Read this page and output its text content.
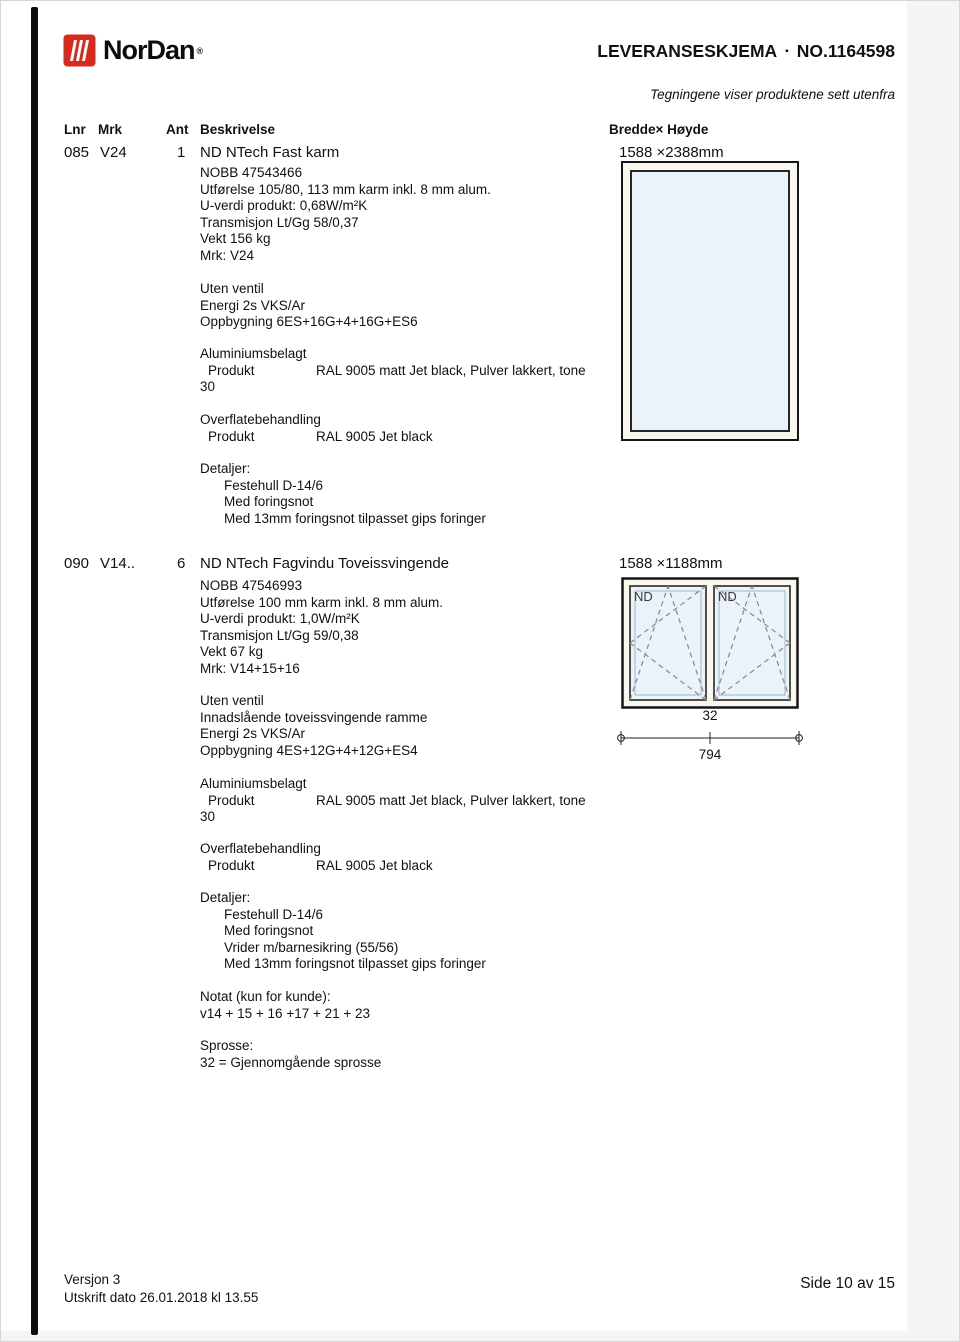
NorDan ®	LEVERANSESKJEMA ▪ NO.1164598
Tegningene viser produktene sett utenfra
Lnr Mrk	Ant Beskrivelse	Bredde× Høyde
085 V24	1 ND NTech Fast karm	1588 ×2388mm
NOBB 47543466
Utførelse 105/80, 113 mm karm inkl. 8 mm alum.
U-verdi produkt: 0,68W/m²K
Transmisjon Lt/Gg 58/0,37
Vekt 156 kg
Mrk: V24
Uten ventil
Energi 2s VKS/Ar
Oppbygning 6ES+16G+4+16G+ES6
Aluminiumsbelagt
Produkt	RAL 9005 matt Jet black, Pulver lakkert, tone
30
Overflatebehandling
Produkt	RAL 9005 Jet black
Detaljer:
Festehull D-14/6
Med foringsnot
Med 13mm foringsnot tilpasset gips foringer
090 V14..	6 ND NTech Fagvindu Toveissvingende	1588 ×1188mm
NOBB 47546993
Utførelse 100 mm karm inkl. 8 mm alum.
U-verdi produkt: 1,0W/m²K
Transmisjon Lt/Gg 59/0,38
Vekt 67 kg
Mrk: V14+15+16
Uten ventil
Innadslående toveissvingende ramme
Energi 2s VKS/Ar
Oppbygning 4ES+12G+4+12G+ES4
Aluminiumsbelagt
Produkt	RAL 9005 matt Jet black, Pulver lakkert, tone
30
Overflatebehandling
Produkt	RAL 9005 Jet black
Detaljer:
Festehull D-14/6
Med foringsnot
Vrider m/barnesikring (55/56)
Med 13mm foringsnot tilpasset gips foringer
Notat (kun for kunde):
v14 + 15 + 16 +17 + 21 + 23
Sprosse:
32 = Gjennomgående sprosse
ND	ND
32
794
Versjon 3
Utskrift dato 26.01.2018 kl 13.55
Side 10 av 15
